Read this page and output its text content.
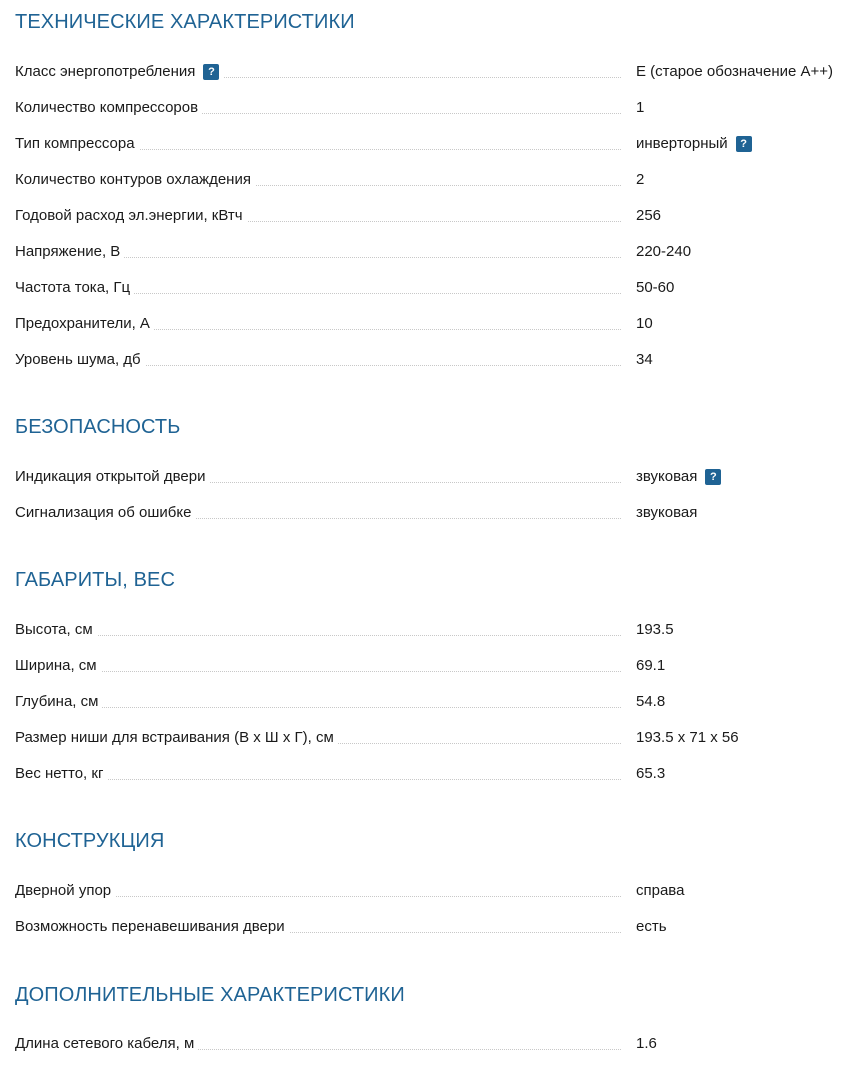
ТЕХНИЧЕСКИЕ ХАРАКТЕРИСТИКИ
Класс энергопотребления ?	E (старое обозначение A++)
Количество компрессоров	1
Тип компрессора	инверторный ?
Количество контуров охлаждения	2
Годовой расход эл.энергии, кВтч	256
Напряжение, В	220-240
Частота тока, Гц	50-60
Предохранители, А	10
Уровень шума, дб	34
БЕЗОПАСНОСТЬ
Индикация открытой двери	звуковая ?
Сигнализация об ошибке	звуковая
ГАБАРИТЫ, ВЕС
Высота, см	193.5
Ширина, см	69.1
Глубина, см	54.8
Размер ниши для встраивания (В х Ш х Г), см	193.5 x 71 x 56
Вес нетто, кг	65.3
КОНСТРУКЦИЯ
Дверной упор	справа
Возможность перенавешивания двери	есть
ДОПОЛНИТЕЛЬНЫЕ ХАРАКТЕРИСТИКИ
Длина сетевого кабеля, м	1.6
